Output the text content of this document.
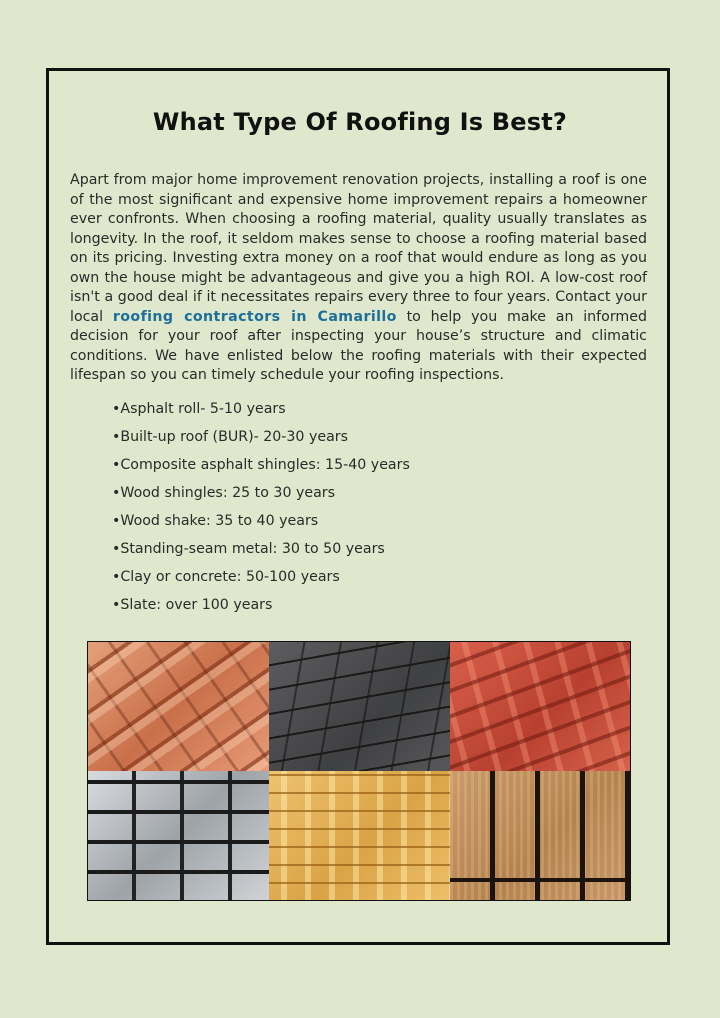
What Type Of Roofing Is Best?

Apart from major home improvement renovation projects, installing a roof is one of the most significant and expensive home improvement repairs a homeowner ever confronts. When choosing a roofing material, quality usually translates as longevity. In the roof, it seldom makes sense to choose a roofing material based on its pricing. Investing extra money on a roof that would endure as long as you own the house might be advantageous and give you a high ROI. A low-cost roof isn't a good deal if it necessitates repairs every three to four years. Contact your local roofing contractors in Camarillo to help you make an informed decision for your roof after inspecting your house’s structure and climatic conditions. We have enlisted below the roofing materials with their expected lifespan so you can timely schedule your roofing inspections.

•Asphalt roll- 5-10 years
•Built-up roof (BUR)- 20-30 years
•Composite asphalt shingles: 15-40 years
•Wood shingles: 25 to 30 years
•Wood shake: 35 to 40 years
•Standing-seam metal: 30 to 50 years
•Clay or concrete: 50-100 years
•Slate: over 100 years
